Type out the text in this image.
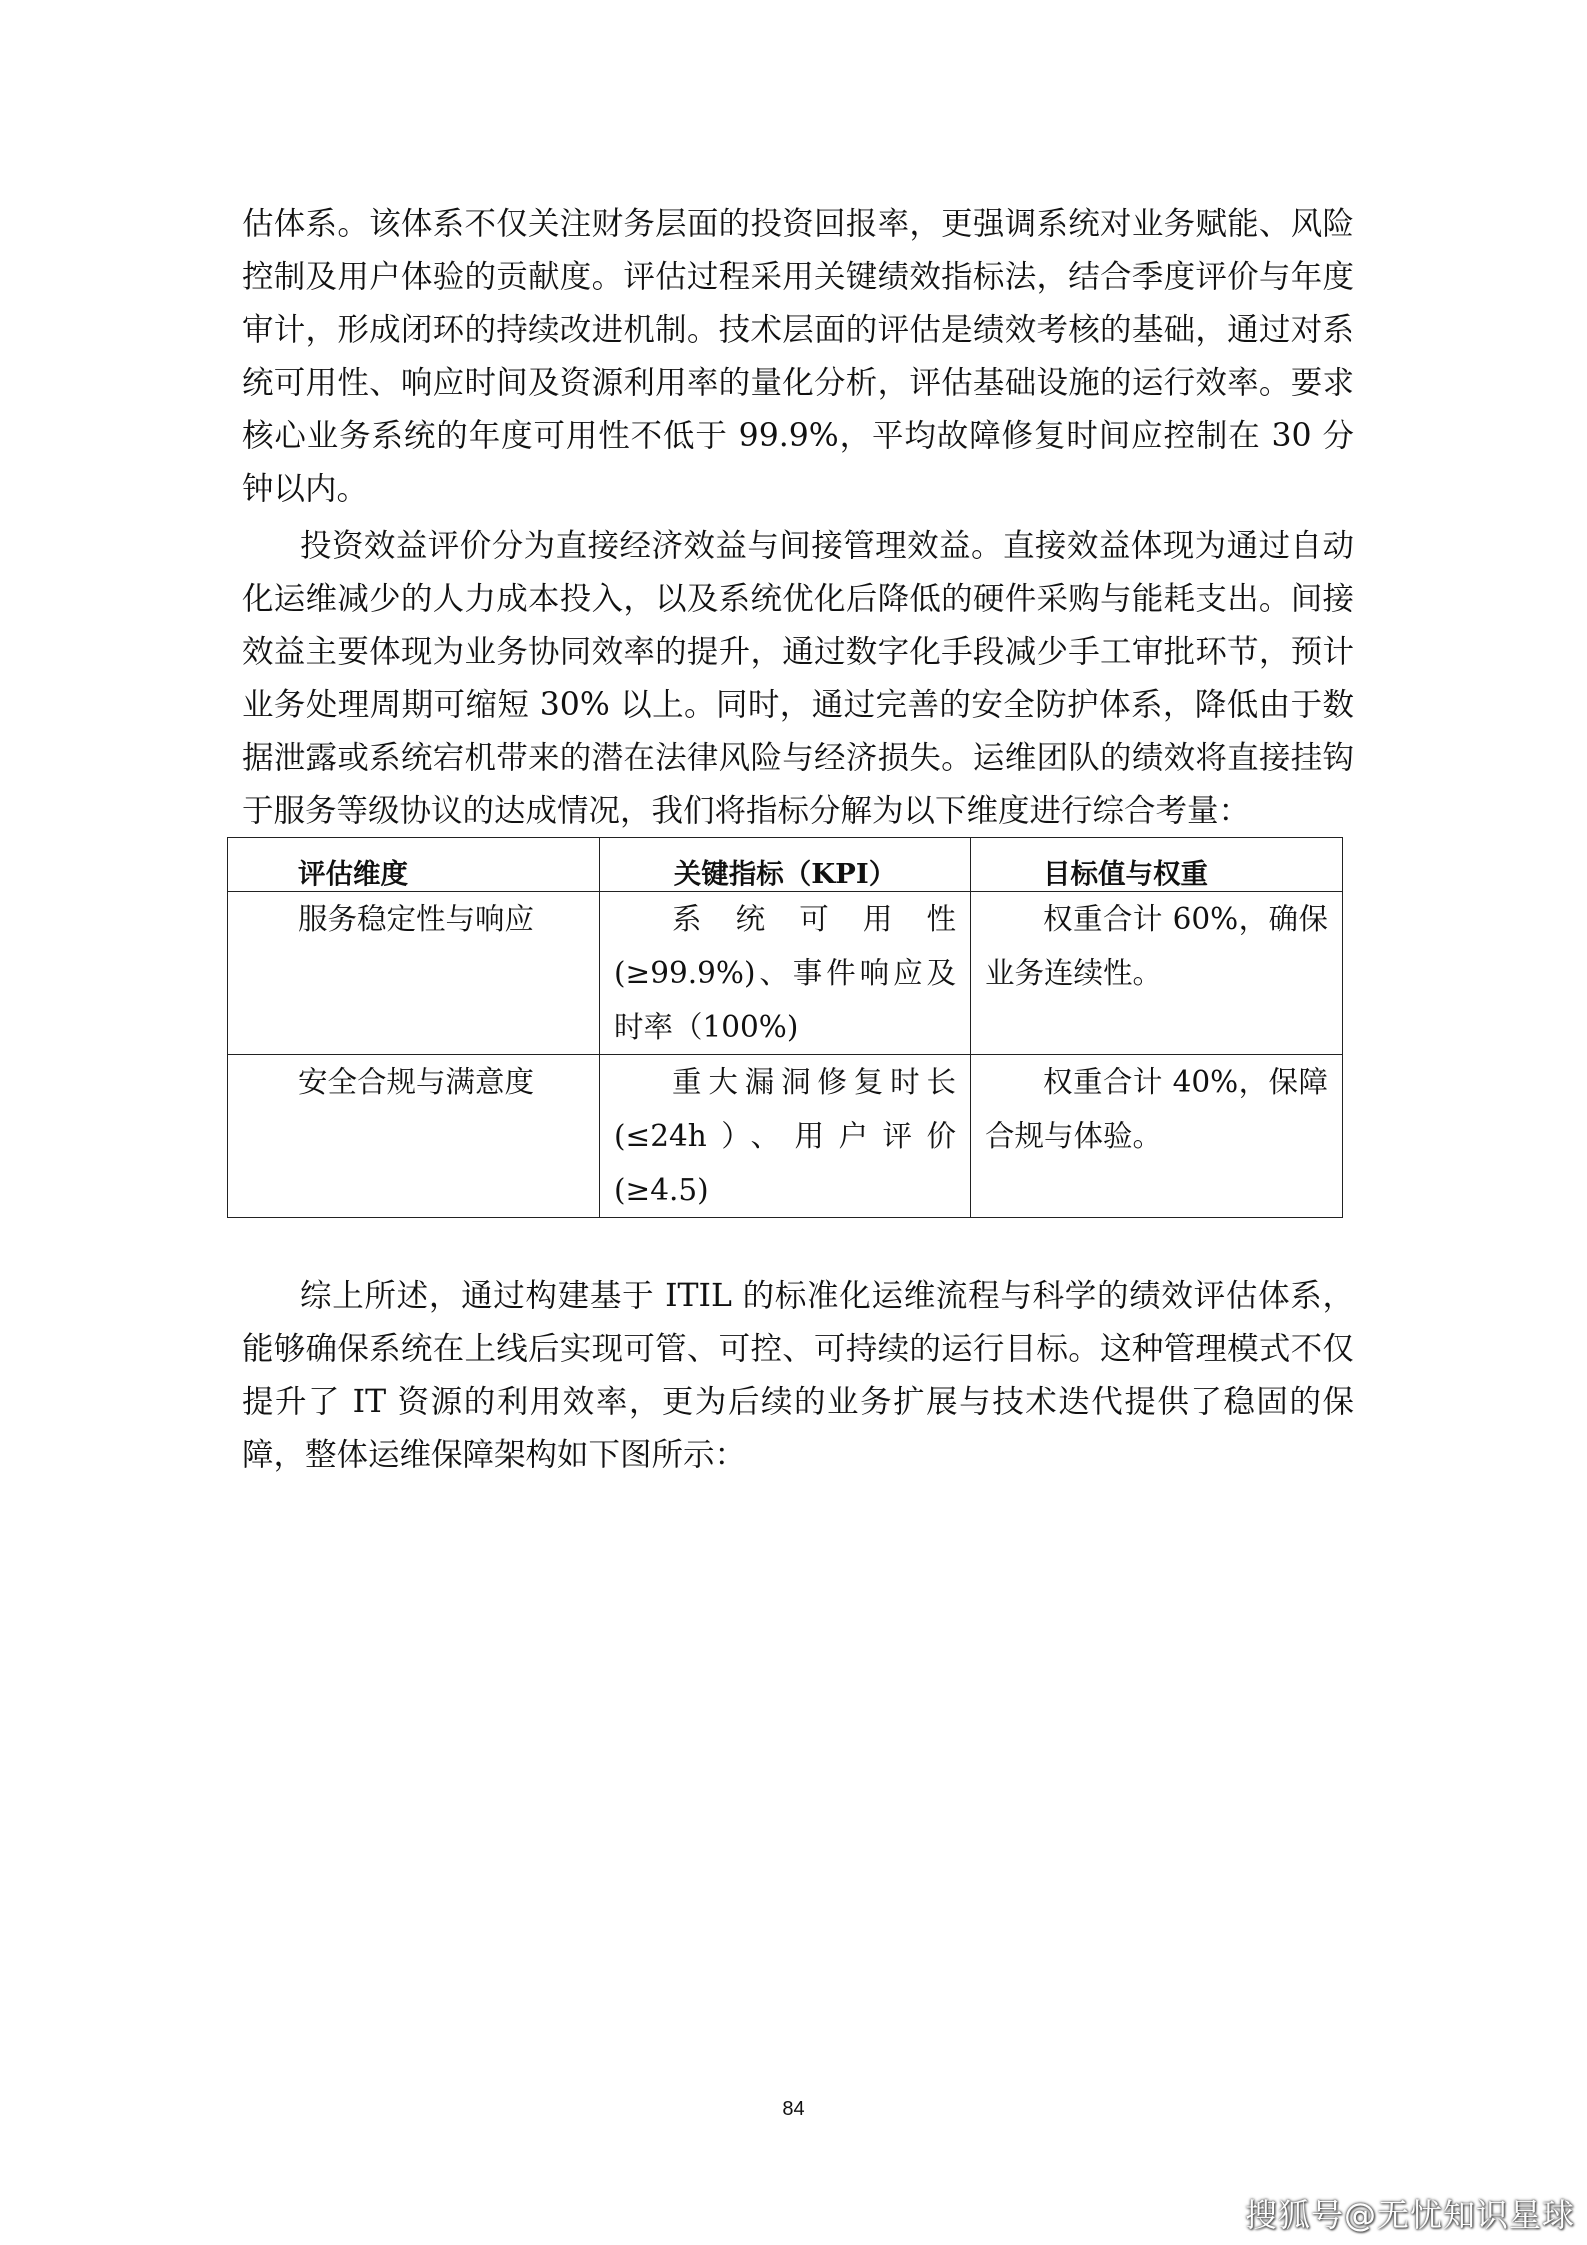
估体系。该体系不仅关注财务层面的投资回报率，更强调系统对业务赋能、风险控制及用户体验的贡献度。评估过程采用关键绩效指标法，结合季度评价与年度审计，形成闭环的持续改进机制。技术层面的评估是绩效考核的基础，通过对系统可用性、响应时间及资源利用率的量化分析，评估基础设施的运行效率。要求核心业务系统的年度可用性不低于 99.9%，平均故障修复时间应控制在 30 分钟以内。

投资效益评价分为直接经济效益与间接管理效益。直接效益体现为通过自动化运维减少的人力成本投入，以及系统优化后降低的硬件采购与能耗支出。间接效益主要体现为业务协同效率的提升，通过数字化手段减少手工审批环节，预计业务处理周期可缩短 30% 以上。同时，通过完善的安全防护体系，降低由于数据泄露或系统宕机带来的潜在法律风险与经济损失。运维团队的绩效将直接挂钩于服务等级协议的达成情况，我们将指标分解为以下维度进行综合考量：

评估维度	关键指标（KPI）	目标值与权重
服务稳定性与响应	系统可用性(≥99.9%)、事件响应及时率（100%)	权重合计 60%，确保业务连续性。
安全合规与满意度	重大漏洞修复时长(≤24h）、用户评价(≥4.5)	权重合计 40%，保障合规与体验。

综上所述，通过构建基于 ITIL 的标准化运维流程与科学的绩效评估体系，能够确保系统在上线后实现可管、可控、可持续的运行目标。这种管理模式不仅提升了 IT 资源的利用效率，更为后续的业务扩展与技术迭代提供了稳固的保障，整体运维保障架构如下图所示：

84
搜狐号@无忧知识星球
